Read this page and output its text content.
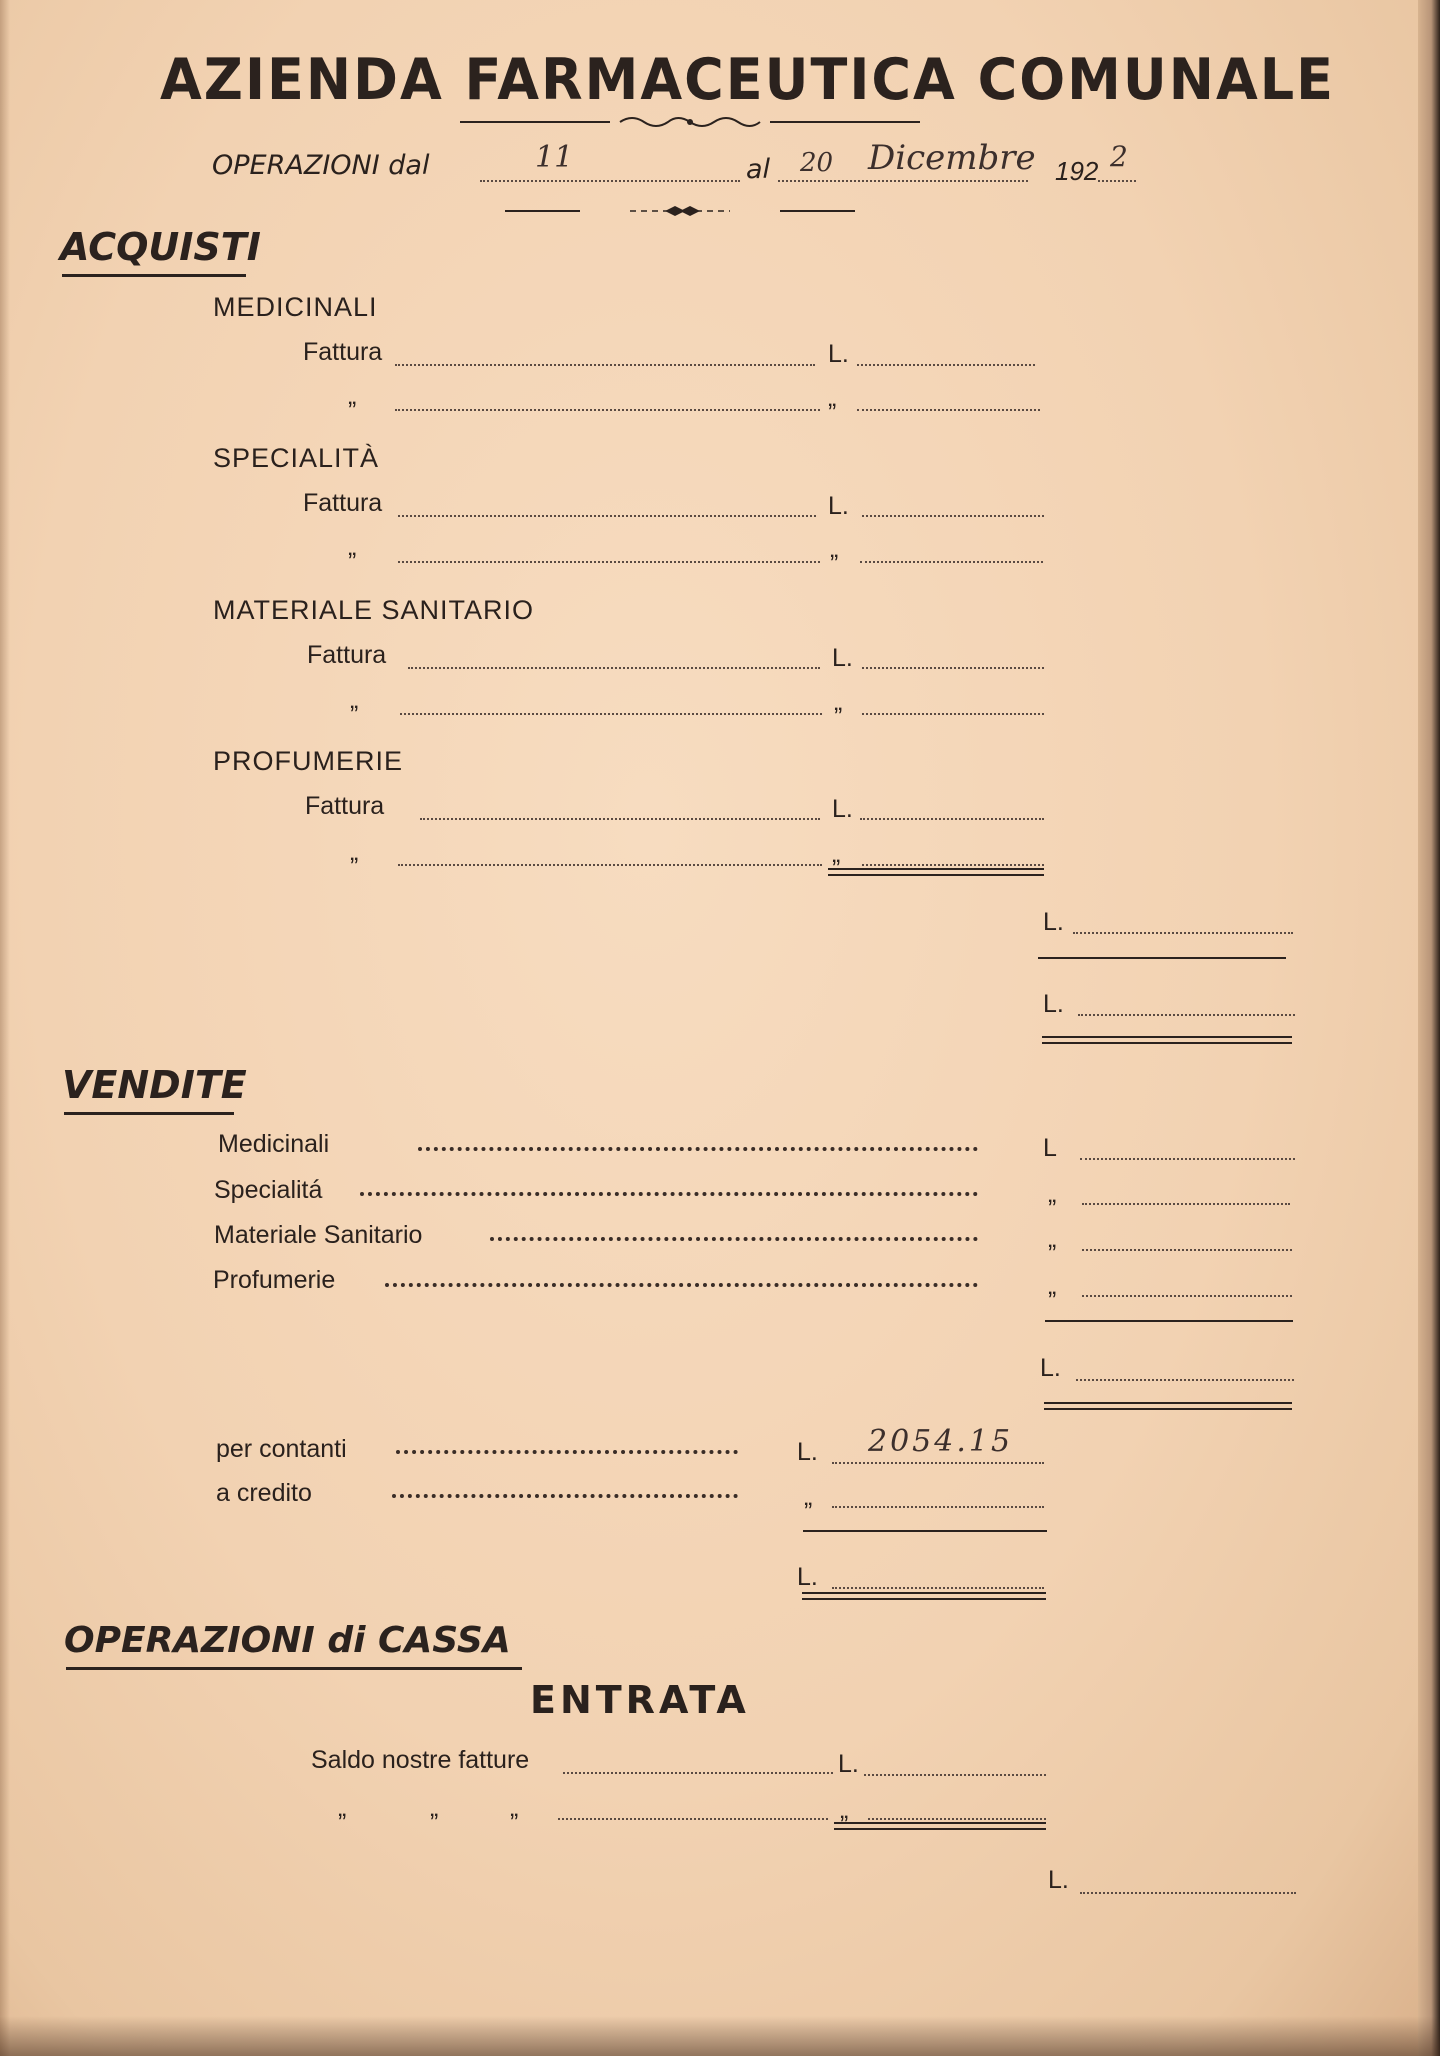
AZIENDA FARMACEUTICA COMUNALE
OPERAZIONI dal	11	al 20 Dicembre 192 2
ACQUISTI
MEDICINALI
Fattura	L.
„	„
SPECIALITÀ
Fattura	L.
„	„
MATERIALE SANITARIO
Fattura	L.
„	„
PROFUMERIE
Fattura	L.
„	„
L.
L.
VENDITE
Medicinali	L
Specialitá	„
Materiale Sanitario	„
Profumerie	„
L.
per contanti	L. 2054.15
a credito	„
L.
OPERAZIONI di CASSA
ENTRATA
Saldo nostre fatture	L.
„	„	„	„
L.
